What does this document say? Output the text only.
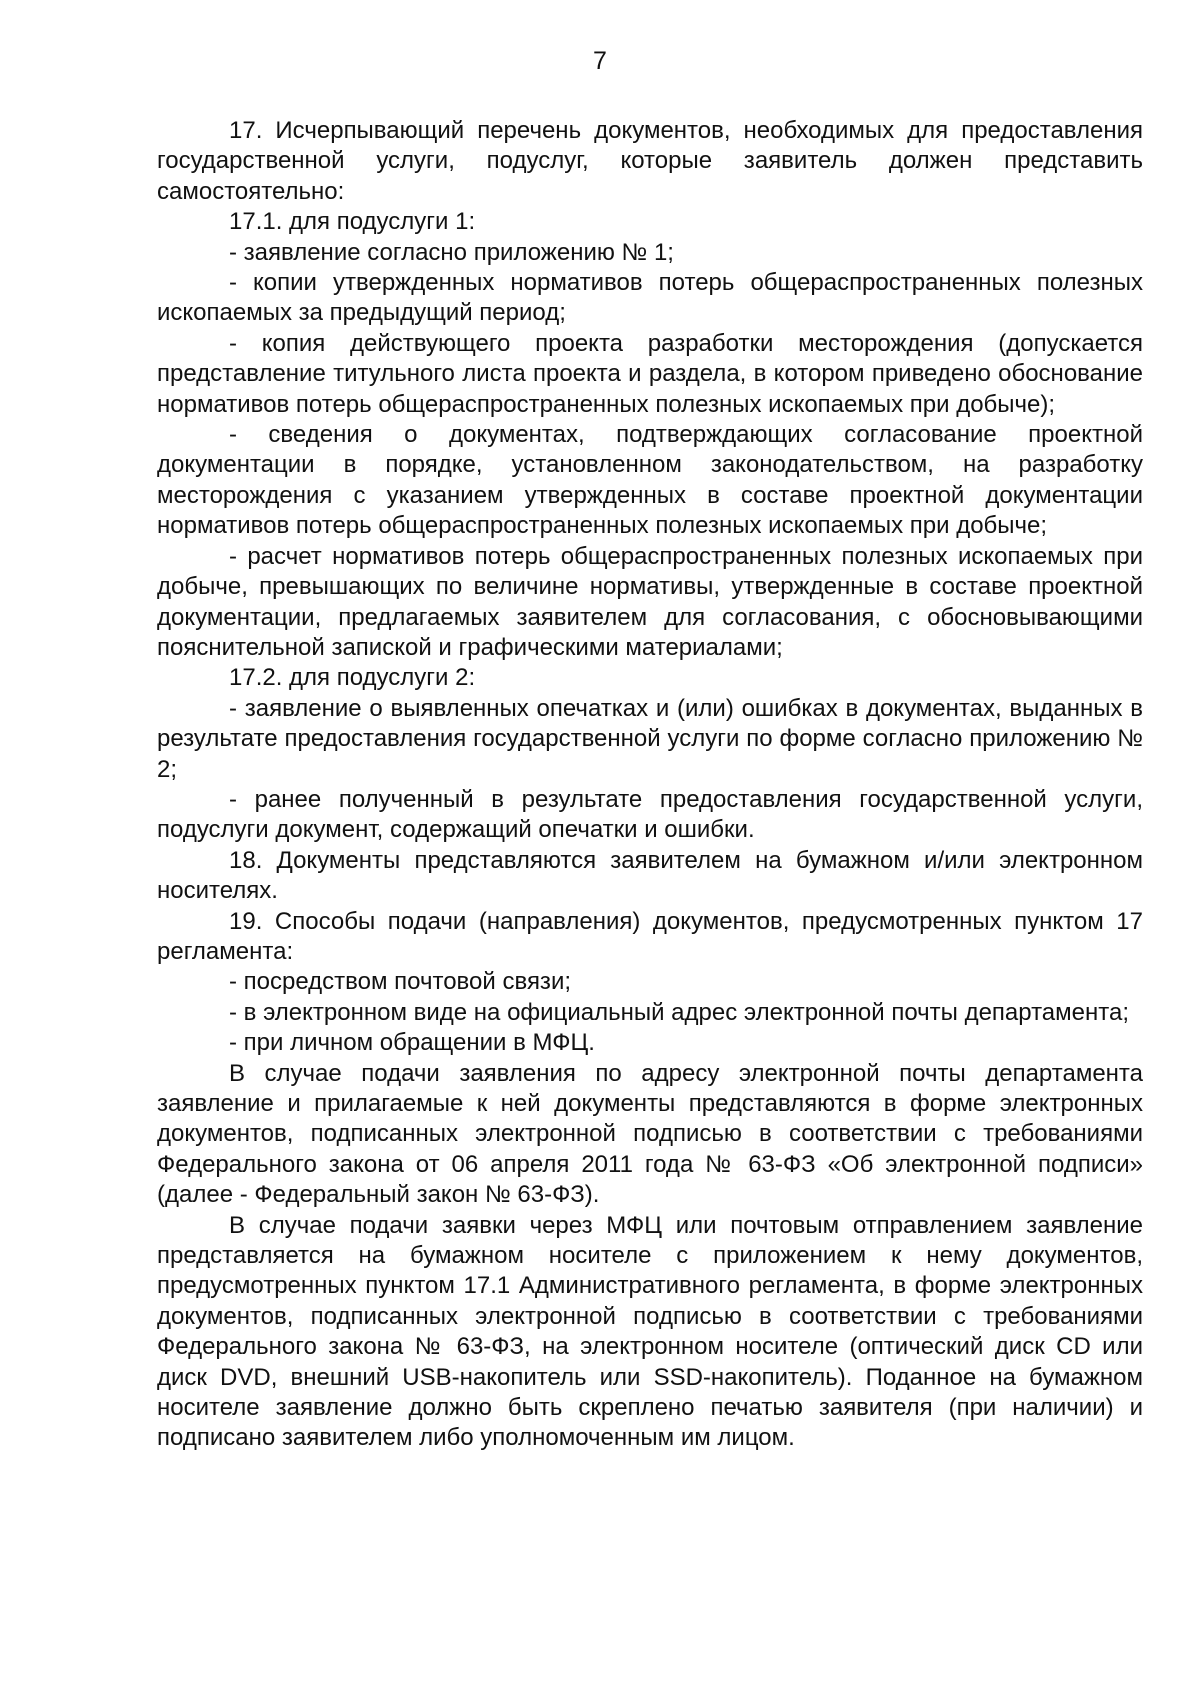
7

17. Исчерпывающий перечень документов, необходимых для предоставления государственной услуги, подуслуг, которые заявитель должен представить самостоятельно:

17.1. для подуслуги 1:

- заявление согласно приложению № 1;

- копии утвержденных нормативов потерь общераспространенных полезных ископаемых за предыдущий период;

- копия действующего проекта разработки месторождения (допускается представление титульного листа проекта и раздела, в котором приведено обоснование нормативов потерь общераспространенных полезных ископаемых при добыче);

- сведения о документах, подтверждающих согласование проектной документации в порядке, установленном законодательством, на разработку месторождения с указанием утвержденных в составе проектной документации нормативов потерь общераспространенных полезных ископаемых при добыче;

- расчет нормативов потерь общераспространенных полезных ископаемых при добыче, превышающих по величине нормативы, утвержденные в составе проектной документации, предлагаемых заявителем для согласования, с обосновывающими пояснительной запиской и графическими материалами;

17.2. для подуслуги 2:

- заявление о выявленных опечатках и (или) ошибках в документах, выданных в результате предоставления государственной услуги по форме согласно приложению № 2;

- ранее полученный в результате предоставления государственной услуги, подуслуги документ, содержащий опечатки и ошибки.

18. Документы представляются заявителем на бумажном и/или электронном носителях.

19. Способы подачи (направления) документов, предусмотренных пунктом 17 регламента:

- посредством почтовой связи;

- в электронном виде на официальный адрес электронной почты департамента;

- при личном обращении в МФЦ.

В случае подачи заявления по адресу электронной почты департамента заявление и прилагаемые к ней документы представляются в форме электронных документов, подписанных электронной подписью в соответствии с требованиями Федерального закона от 06 апреля 2011 года № 63-ФЗ «Об электронной подписи» (далее - Федеральный закон № 63-ФЗ).

В случае подачи заявки через МФЦ или почтовым отправлением заявление представляется на бумажном носителе с приложением к нему документов, предусмотренных пунктом 17.1 Административного регламента, в форме электронных документов, подписанных электронной подписью в соответствии с требованиями Федерального закона № 63-ФЗ, на электронном носителе (оптический диск CD или диск DVD, внешний USB-накопитель или SSD-накопитель). Поданное на бумажном носителе заявление должно быть скреплено печатью заявителя (при наличии) и подписано заявителем либо уполномоченным им лицом.
